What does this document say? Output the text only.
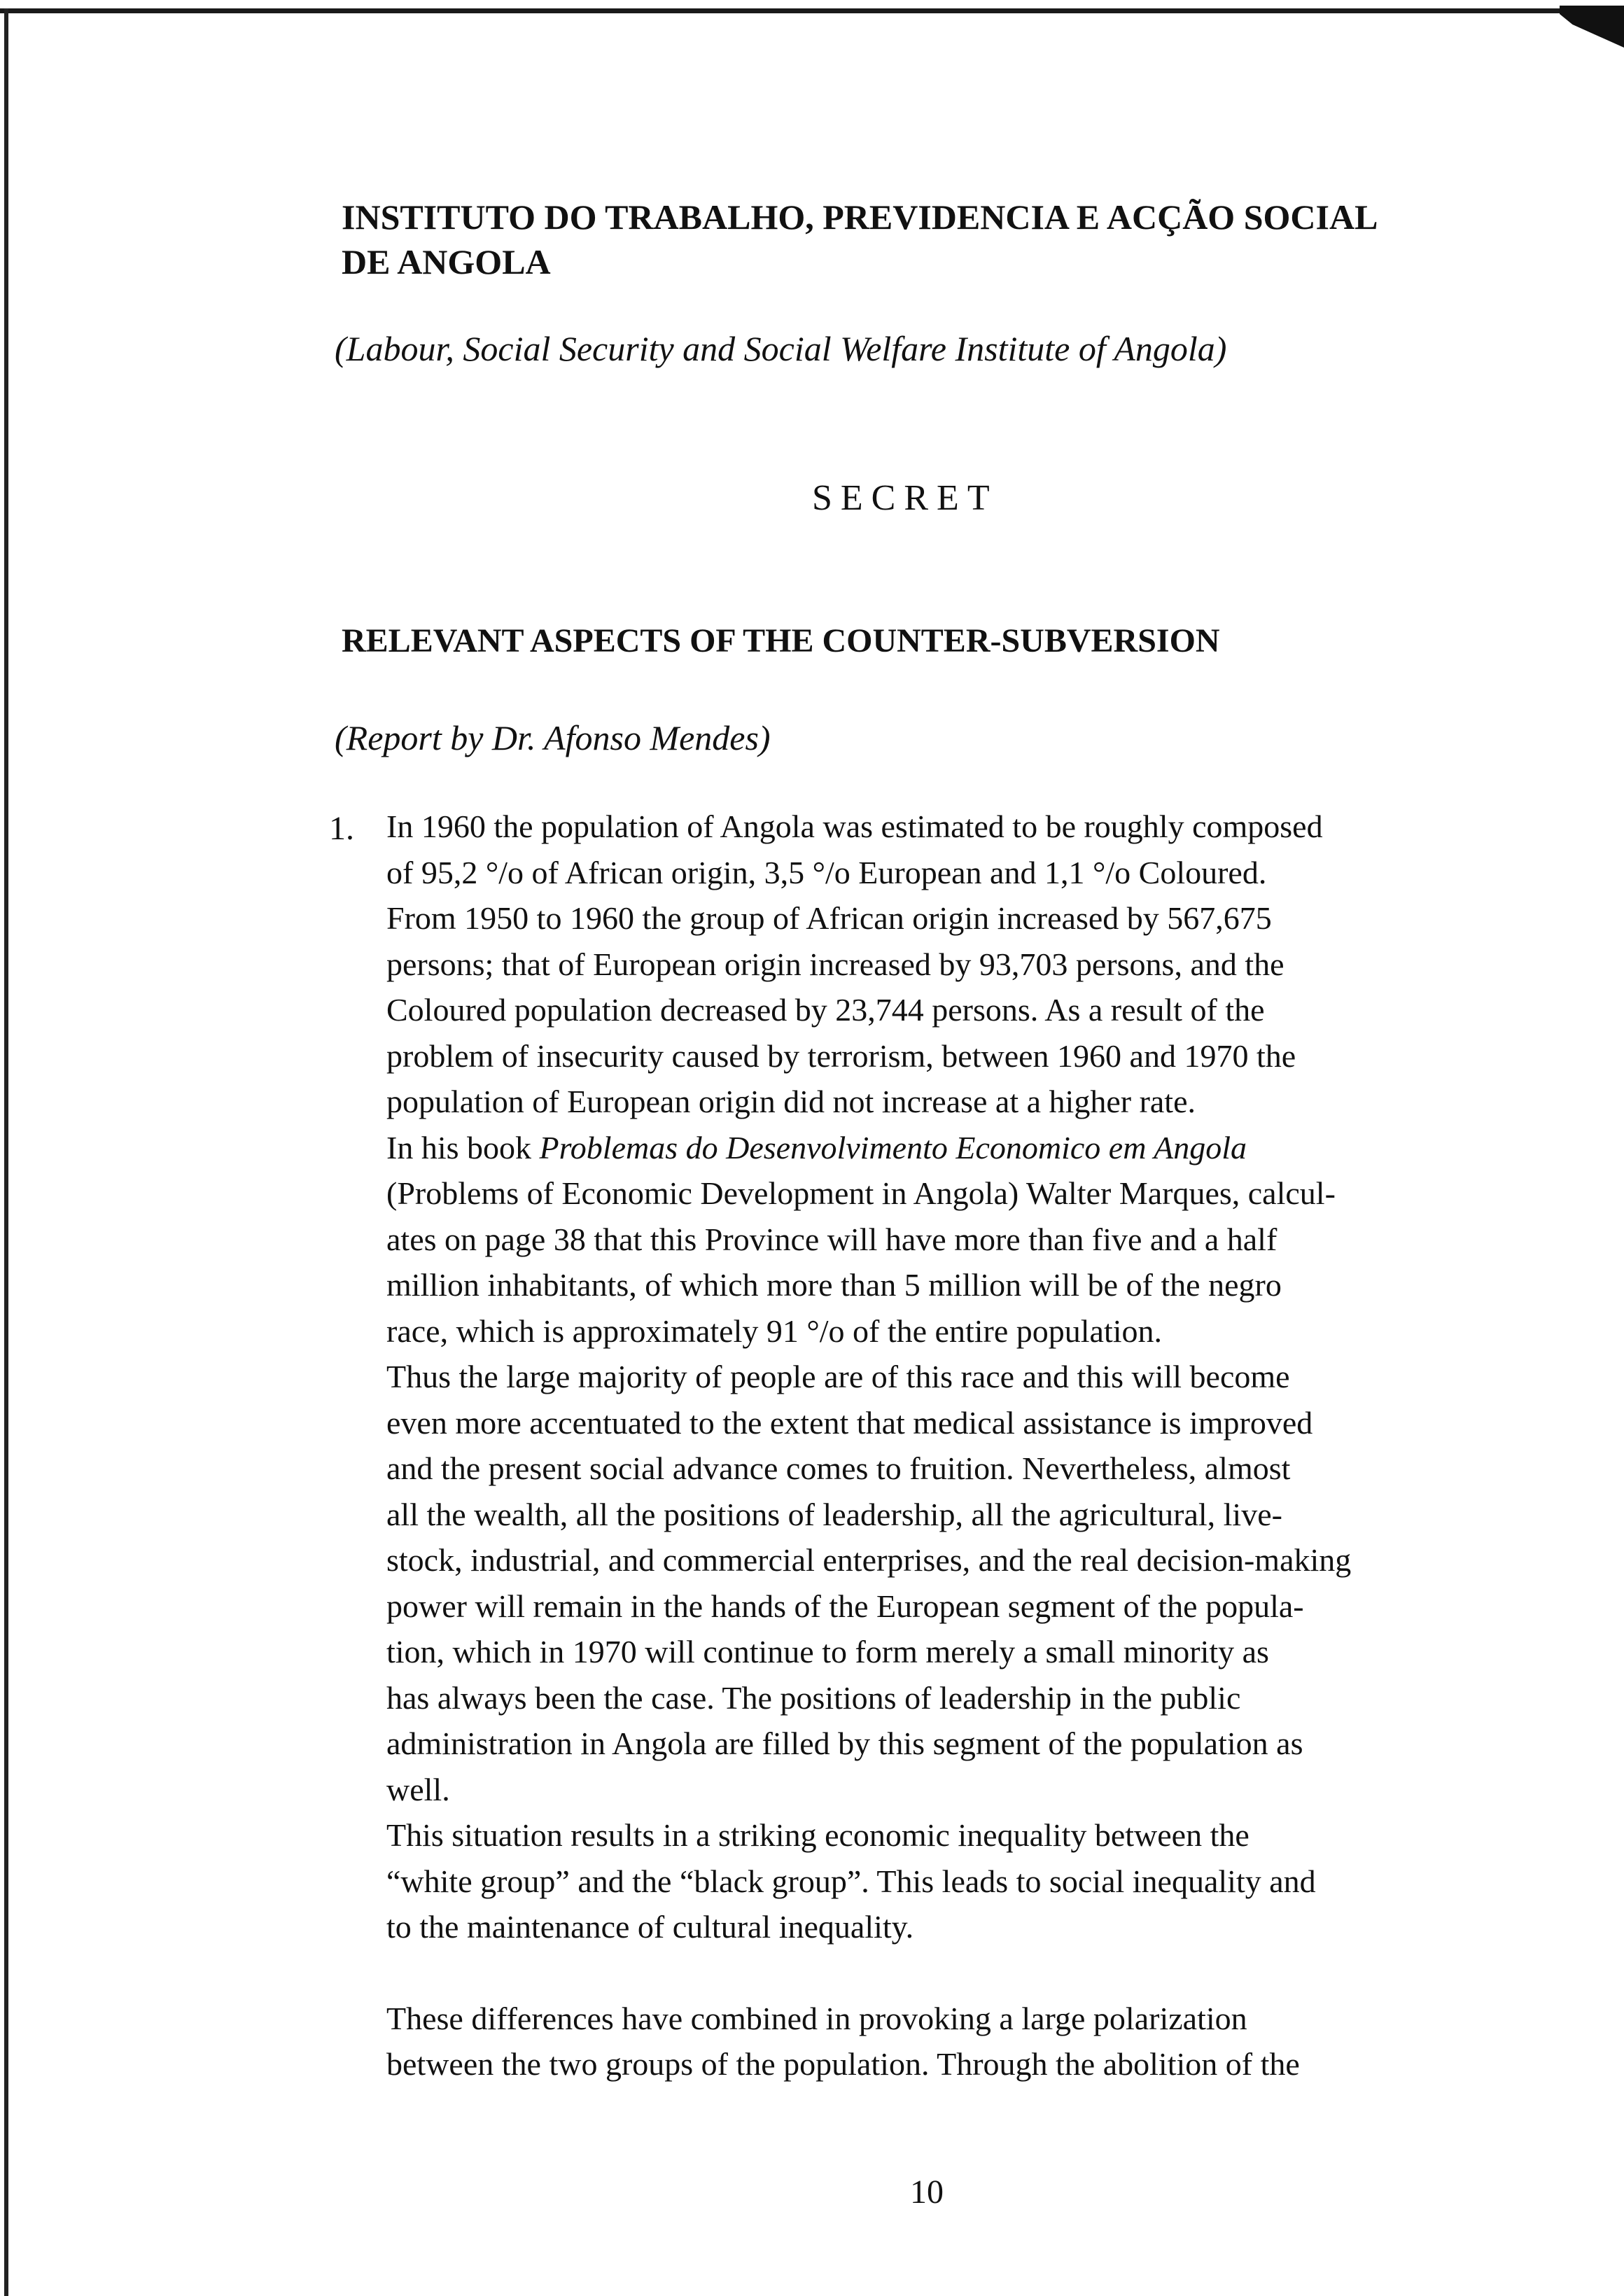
INSTITUTO DO TRABALHO, PREVIDENCIA E ACÇÃO SOCIAL
DE ANGOLA
(Labour, Social Security and Social Welfare Institute of Angola)
SECRET
RELEVANT ASPECTS OF THE COUNTER-SUBVERSION
(Report by Dr. Afonso Mendes)
1. In 1960 the population of Angola was estimated to be roughly composed
of 95,2 °/o of African origin, 3,5 °/o European and 1,1 °/o Coloured.
From 1950 to 1960 the group of African origin increased by 567,675
persons; that of European origin increased by 93,703 persons, and the
Coloured population decreased by 23,744 persons. As a result of the
problem of insecurity caused by terrorism, between 1960 and 1970 the
population of European origin did not increase at a higher rate.
In his book Problemas do Desenvolvimento Economico em Angola
(Problems of Economic Development in Angola) Walter Marques, calcul-
ates on page 38 that this Province will have more than five and a half
million inhabitants, of which more than 5 million will be of the negro
race, which is approximately 91 °/o of the entire population.
Thus the large majority of people are of this race and this will become
even more accentuated to the extent that medical assistance is improved
and the present social advance comes to fruition. Nevertheless, almost
all the wealth, all the positions of leadership, all the agricultural, live-
stock, industrial, and commercial enterprises, and the real decision-making
power will remain in the hands of the European segment of the popula-
tion, which in 1970 will continue to form merely a small minority as
has always been the case. The positions of leadership in the public
administration in Angola are filled by this segment of the population as
well.
This situation results in a striking economic inequality between the
“white group” and the “black group”. This leads to social inequality and
to the maintenance of cultural inequality.
These differences have combined in provoking a large polarization
between the two groups of the population. Through the abolition of the
10
